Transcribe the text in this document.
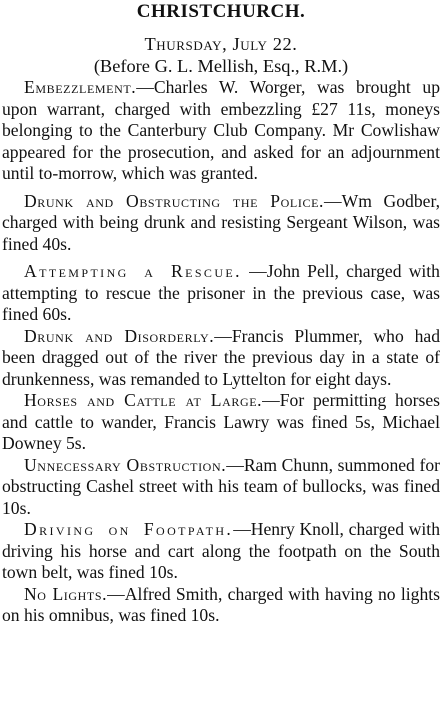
CHRISTCHURCH.

Thursday, July 22.

(Before G. L. Mellish, Esq., R.M.)

Embezzlement.—Charles W. Worger, was brought up upon warrant, charged with embezzling £27 11s, moneys belonging to the Canterbury Club Company. Mr Cowlishaw appeared for the prosecution, and asked for an adjournment until to-morrow, which was granted.

Drunk and Obstructing the Police.—Wm Godber, charged with being drunk and resisting Sergeant Wilson, was fined 40s.

Attempting a Rescue. —John Pell, charged with attempting to rescue the prisoner in the previous case, was fined 60s.

Drunk and Disorderly.—Francis Plummer, who had been dragged out of the river the previous day in a state of drunkenness, was remanded to Lyttelton for eight days.

Horses and Cattle at Large.—For permitting horses and cattle to wander, Francis Lawry was fined 5s, Michael Downey 5s.

Unnecessary Obstruction.—Ram Chunn, summoned for obstructing Cashel street with his team of bullocks, was fined 10s.

Driving on Footpath.—Henry Knoll, charged with driving his horse and cart along the footpath on the South town belt, was fined 10s.

No Lights.—Alfred Smith, charged with having no lights on his omnibus, was fined 10s.
